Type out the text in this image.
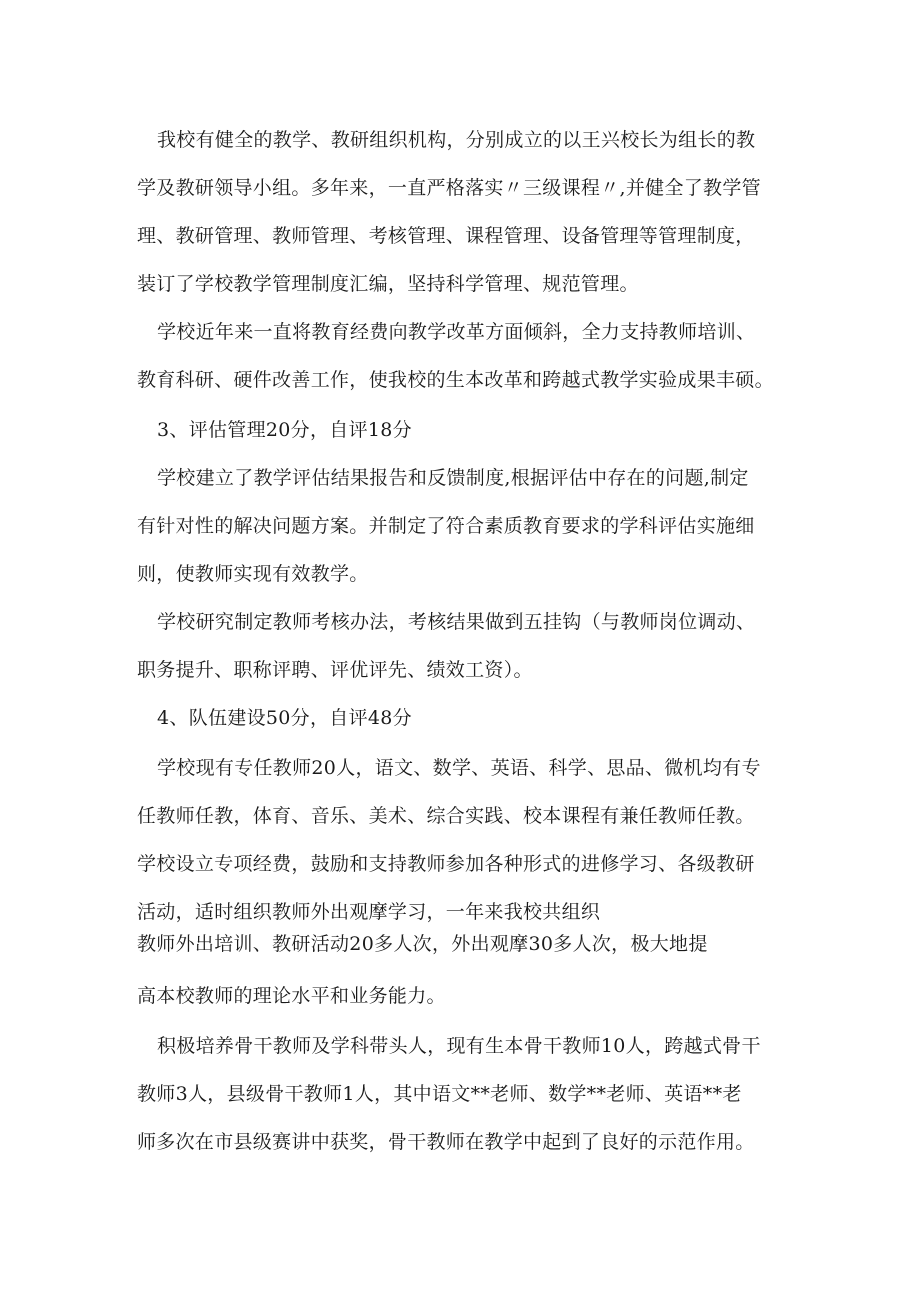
我校有健全的教学、教研组织机构，分别成立的以王兴校长为组长的教
学及教研领导小组。多年来，一直严格落实〃三级课程〃,并健全了教学管
理、教研管理、教师管理、考核管理、课程管理、设备管理等管理制度，
装订了学校教学管理制度汇编，坚持科学管理、规范管理。
学校近年来一直将教育经费向教学改革方面倾斜，全力支持教师培训、
教育科研、硬件改善工作，使我校的生本改革和跨越式教学实验成果丰硕。
3、评估管理20分，自评18分
学校建立了教学评估结果报告和反馈制度,根据评估中存在的问题,制定
有针对性的解决问题方案。并制定了符合素质教育要求的学科评估实施细
则，使教师实现有效教学。
学校研究制定教师考核办法，考核结果做到五挂钩（与教师岗位调动、
职务提升、职称评聘、评优评先、绩效工资）。
4、队伍建设50分，自评48分
学校现有专任教师20人，语文、数学、英语、科学、思品、微机均有专
任教师任教，体育、音乐、美术、综合实践、校本课程有兼任教师任教。
学校设立专项经费，鼓励和支持教师参加各种形式的进修学习、各级教研
活动，适时组织教师外出观摩学习，一年来我校共组织
教师外出培训、教研活动20多人次，外出观摩30多人次，极大地提
高本校教师的理论水平和业务能力。
积极培养骨干教师及学科带头人，现有生本骨干教师10人，跨越式骨干
教师3人，县级骨干教师1人，其中语文**老师、数学**老师、英语**老
师多次在市县级赛讲中获奖，骨干教师在教学中起到了良好的示范作用。
